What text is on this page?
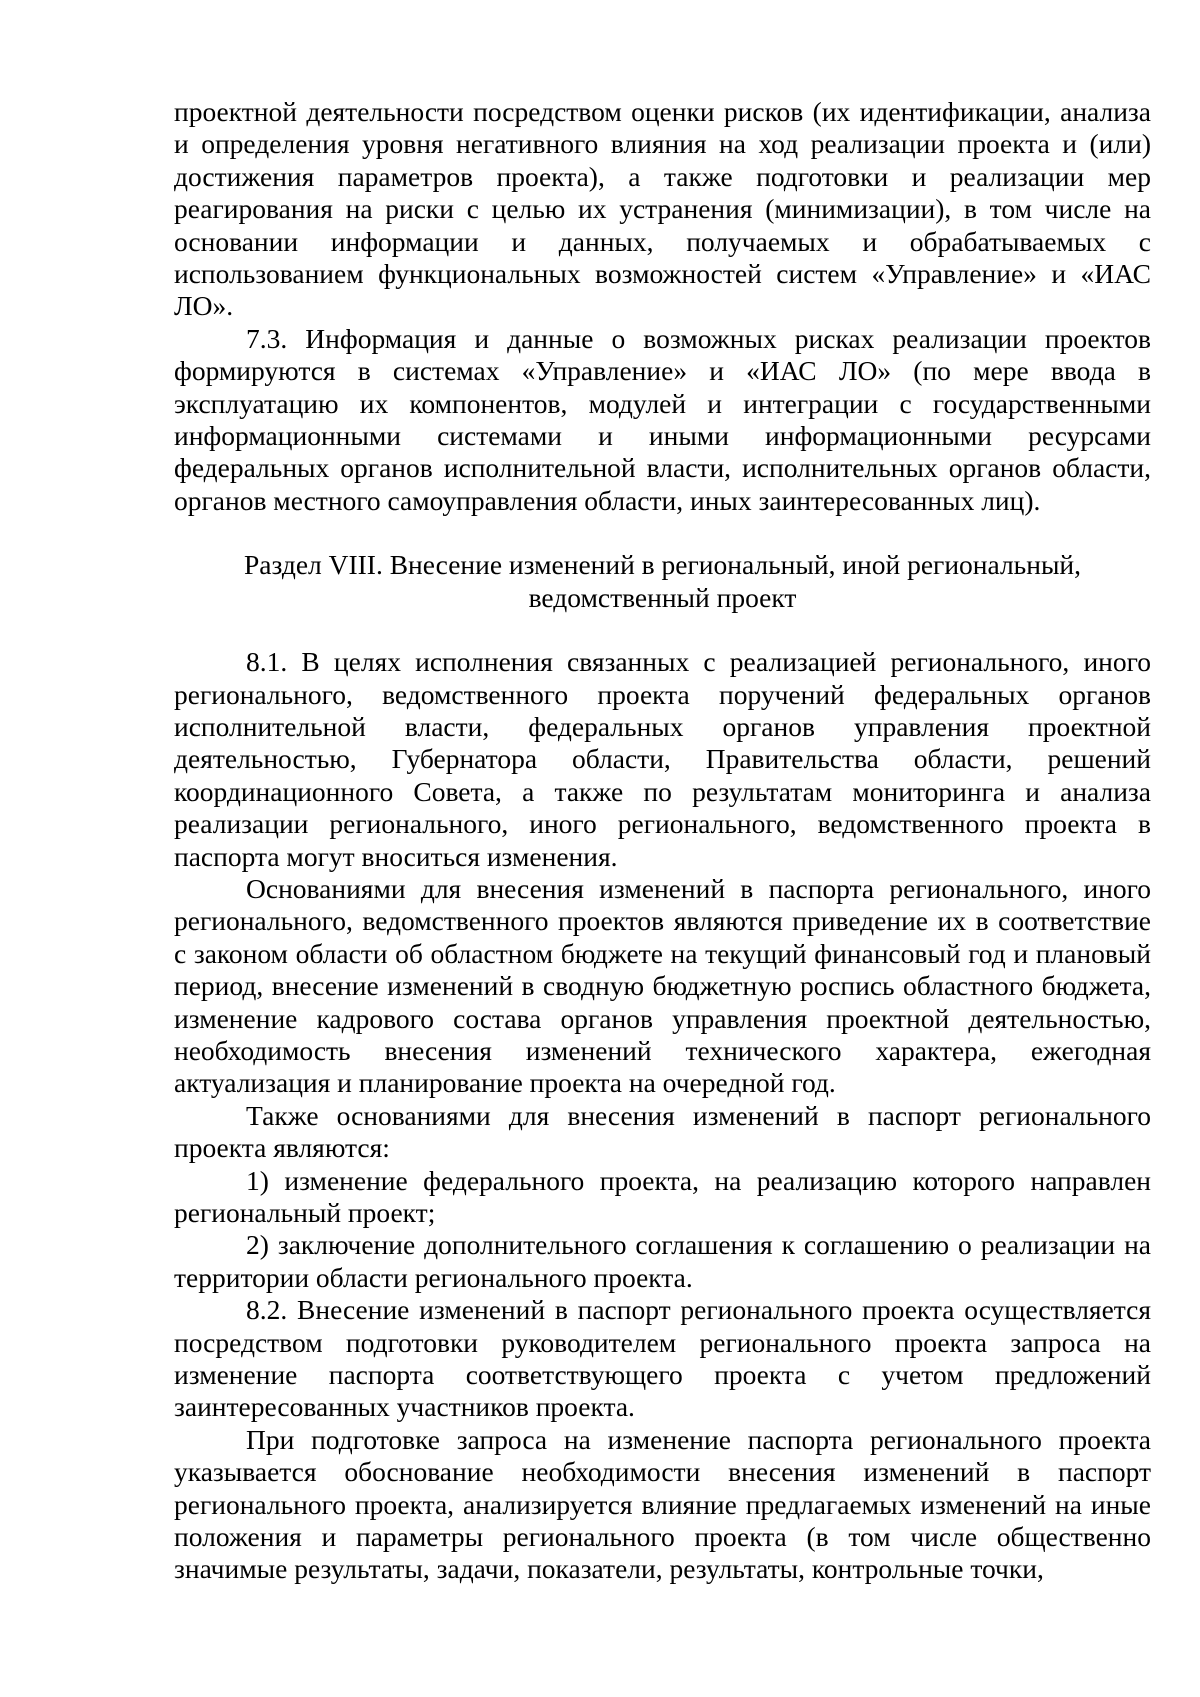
проектной деятельности посредством оценки рисков (их идентификации, анализа и определения уровня негативного влияния на ход реализации проекта и (или) достижения параметров проекта), а также подготовки и реализации мер реагирования на риски с целью их устранения (минимизации), в том числе на основании информации и данных, получаемых и обрабатываемых с использованием функциональных возможностей систем «Управление» и «ИАС ЛО».

7.3. Информация и данные о возможных рисках реализации проектов формируются в системах «Управление» и «ИАС ЛО» (по мере ввода в эксплуатацию их компонентов, модулей и интеграции с государственными информационными системами и иными информационными ресурсами федеральных органов исполнительной власти, исполнительных органов области, органов местного самоуправления области, иных заинтересованных лиц).

Раздел VIII. Внесение изменений в региональный, иной региональный,
ведомственный проект

8.1. В целях исполнения связанных с реализацией регионального, иного регионального, ведомственного проекта поручений федеральных органов исполнительной власти, федеральных органов управления проектной деятельностью, Губернатора области, Правительства области, решений координационного Совета, а также по результатам мониторинга и анализа реализации регионального, иного регионального, ведомственного проекта в паспорта могут вноситься изменения.

Основаниями для внесения изменений в паспорта регионального, иного регионального, ведомственного проектов являются приведение их в соответствие с законом области об областном бюджете на текущий финансовый год и плановый период, внесение изменений в сводную бюджетную роспись областного бюджета, изменение кадрового состава органов управления проектной деятельностью, необходимость внесения изменений технического характера, ежегодная актуализация и планирование проекта на очередной год.

Также основаниями для внесения изменений в паспорт регионального проекта являются:

1) изменение федерального проекта, на реализацию которого направлен региональный проект;

2) заключение дополнительного соглашения к соглашению о реализации на территории области регионального проекта.

8.2. Внесение изменений в паспорт регионального проекта осуществляется посредством подготовки руководителем регионального проекта запроса на изменение паспорта соответствующего проекта с учетом предложений заинтересованных участников проекта.

При подготовке запроса на изменение паспорта регионального проекта указывается обоснование необходимости внесения изменений в паспорт регионального проекта, анализируется влияние предлагаемых изменений на иные положения и параметры регионального проекта (в том числе общественно значимые результаты, задачи, показатели, результаты, контрольные точки,
